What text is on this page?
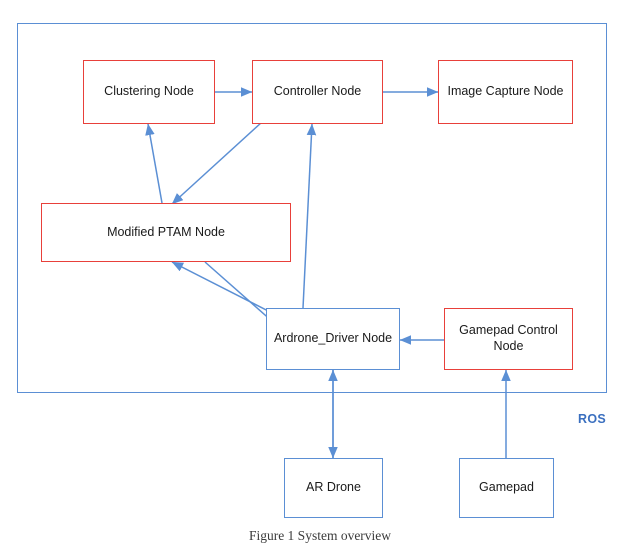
Clustering Node	Controller Node	Image Capture Node
Modified PTAM Node
Ardrone_Driver Node
Gamepad Control Node
AR Drone	Gamepad
ROS
Figure 1 System overview
